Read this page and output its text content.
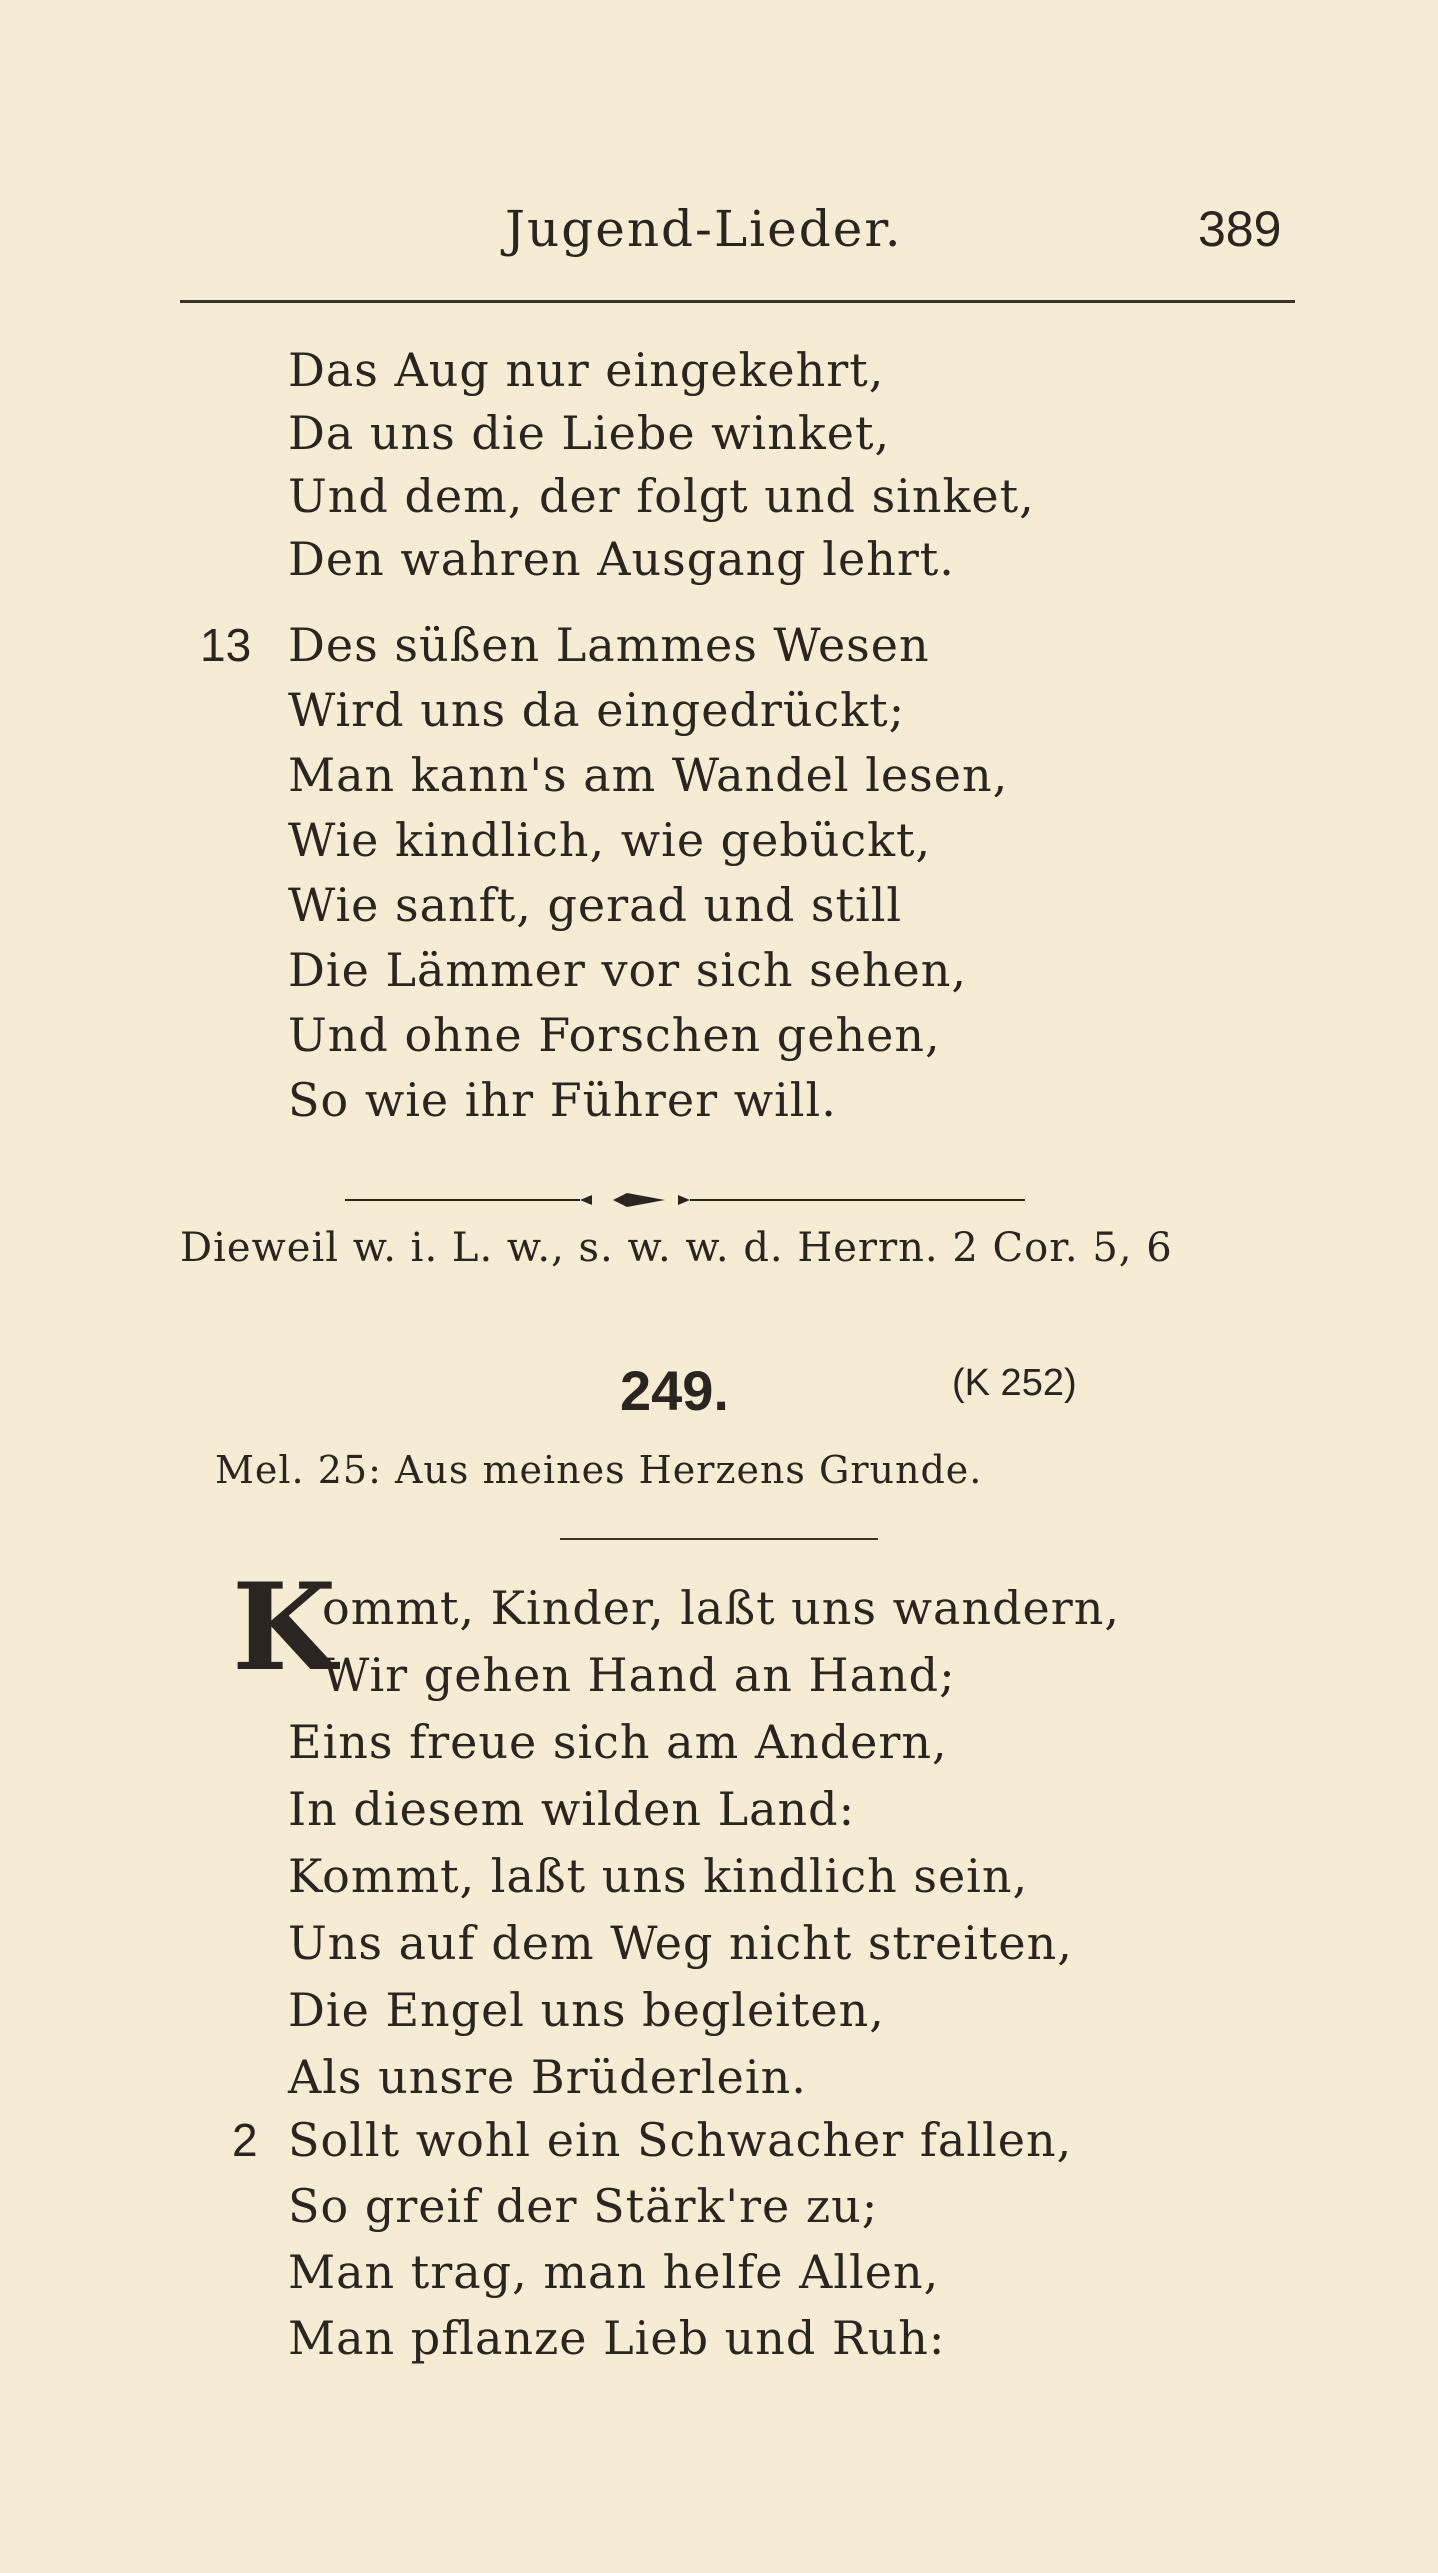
Jugend-Lieder.	389
Das Aug nur eingekehrt,
Da uns die Liebe winket,
Und dem, der folgt und sinket,
Den wahren Ausgang lehrt.
13 Des süßen Lammes Wesen
Wird uns da eingedrückt;
Man kann's am Wandel lesen,
Wie kindlich, wie gebückt,
Wie sanft, gerad und still
Die Lämmer vor sich sehen,
Und ohne Forschen gehen,
So wie ihr Führer will.
Dieweil w. i. L. w., s. w. w. d. Herrn. 2 Cor. 5, 6
249.	(K 252)
Mel. 25: Aus meines Herzens Grunde.
K
ommt, Kinder, laßt uns wandern,
Wir gehen Hand an Hand;
Eins freue sich am Andern,
In diesem wilden Land:
Kommt, laßt uns kindlich sein,
Uns auf dem Weg nicht streiten,
Die Engel uns begleiten,
Als unsre Brüderlein.
2 Sollt wohl ein Schwacher fallen,
So greif der Stärk're zu;
Man trag, man helfe Allen,
Man pflanze Lieb und Ruh:
